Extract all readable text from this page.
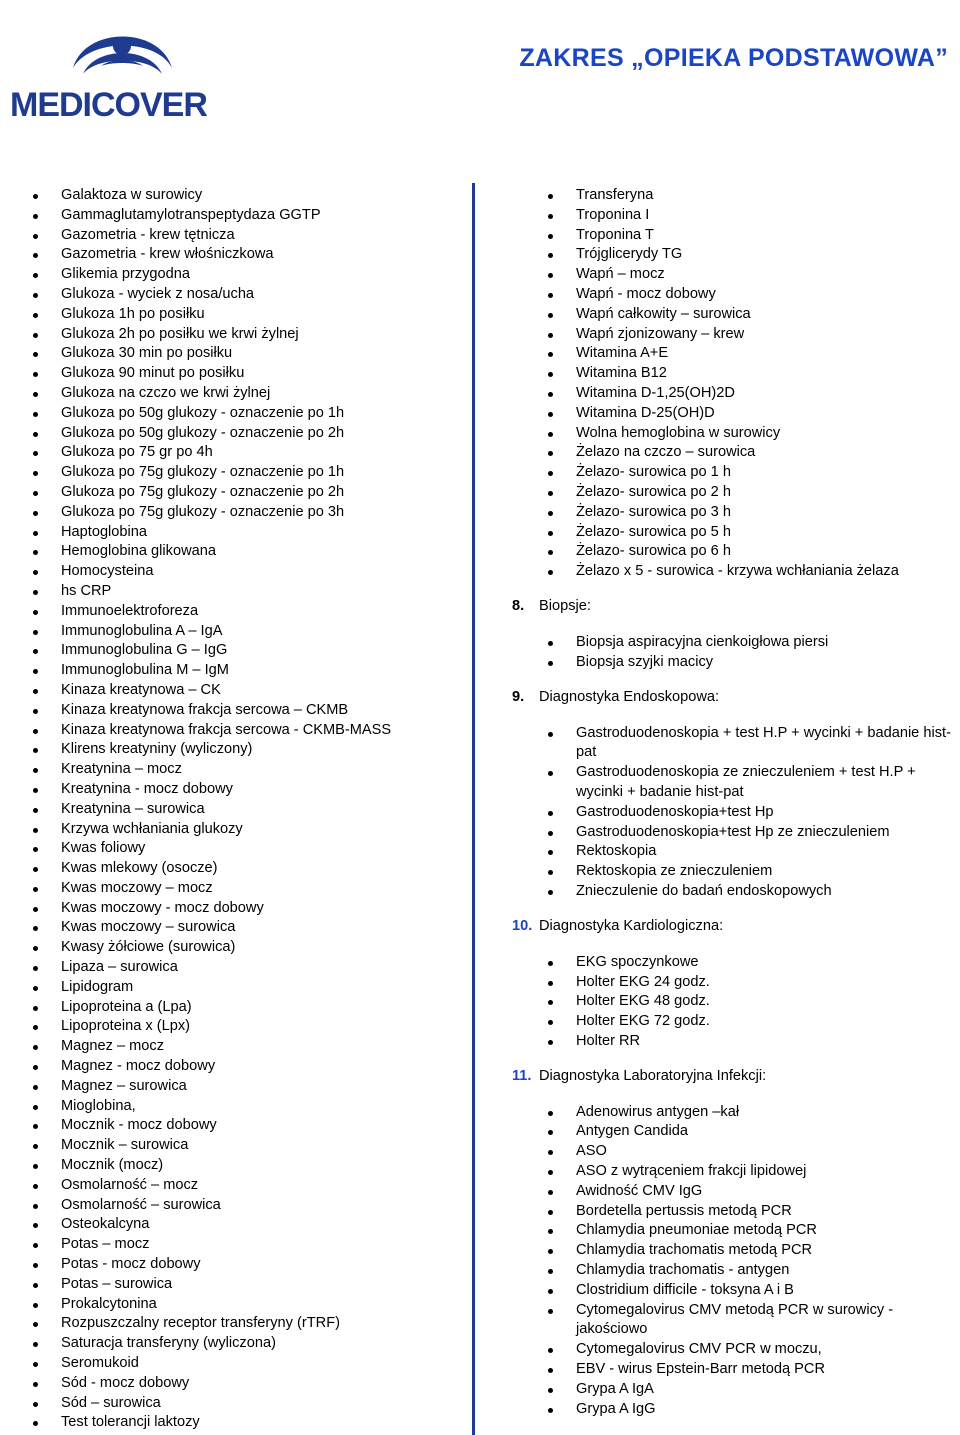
MEDICOVER
ZAKRES „OPIEKA PODSTAWOWA”
Galaktoza w surowicy
Gammaglutamylotranspeptydaza GGTP
Gazometria - krew tętnicza
Gazometria - krew włośniczkowa
Glikemia przygodna
Glukoza - wyciek z nosa/ucha
Glukoza 1h po posiłku
Glukoza 2h po posiłku we krwi żylnej
Glukoza 30 min po posiłku
Glukoza 90 minut po posiłku
Glukoza na czczo we krwi żylnej
Glukoza po 50g glukozy - oznaczenie po 1h
Glukoza po 50g glukozy - oznaczenie po 2h
Glukoza po 75 gr po 4h
Glukoza po 75g glukozy - oznaczenie po 1h
Glukoza po 75g glukozy - oznaczenie po 2h
Glukoza po 75g glukozy - oznaczenie po 3h
Haptoglobina
Hemoglobina glikowana
Homocysteina
hs CRP
Immunoelektroforeza
Immunoglobulina A – IgA
Immunoglobulina G – IgG
Immunoglobulina M – IgM
Kinaza kreatynowa – CK
Kinaza kreatynowa frakcja sercowa – CKMB
Kinaza kreatynowa frakcja sercowa - CKMB-MASS
Klirens kreatyniny (wyliczony)
Kreatynina – mocz
Kreatynina - mocz dobowy
Kreatynina – surowica
Krzywa wchłaniania glukozy
Kwas foliowy
Kwas mlekowy (osocze)
Kwas moczowy – mocz
Kwas moczowy - mocz dobowy
Kwas moczowy – surowica
Kwasy żółciowe (surowica)
Lipaza – surowica
Lipidogram
Lipoproteina a (Lpa)
Lipoproteina x (Lpx)
Magnez – mocz
Magnez - mocz dobowy
Magnez – surowica
Mioglobina,
Mocznik - mocz dobowy
Mocznik – surowica
Mocznik (mocz)
Osmolarność – mocz
Osmolarność – surowica
Osteokalcyna
Potas – mocz
Potas - mocz dobowy
Potas – surowica
Prokalcytonina
Rozpuszczalny receptor transferyny (rTRF)
Saturacja transferyny (wyliczona)
Seromukoid
Sód - mocz dobowy
Sód – surowica
Test tolerancji laktozy
Transferyna
Troponina I
Troponina T
Trójglicerydy TG
Wapń – mocz
Wapń - mocz dobowy
Wapń całkowity – surowica
Wapń zjonizowany – krew
Witamina A+E
Witamina B12
Witamina D-1,25(OH)2D
Witamina D-25(OH)D
Wolna hemoglobina w surowicy
Żelazo na czczo – surowica
Żelazo- surowica po 1 h
Żelazo- surowica po 2 h
Żelazo- surowica po 3 h
Żelazo- surowica po 5 h
Żelazo- surowica po 6 h
Żelazo x 5 - surowica - krzywa wchłaniania żelaza
8. Biopsje:
Biopsja aspiracyjna cienkoigłowa piersi
Biopsja szyjki macicy
9. Diagnostyka Endoskopowa:
Gastroduodenoskopia + test H.P + wycinki + badanie hist-pat
Gastroduodenoskopia ze znieczuleniem + test H.P + wycinki + badanie hist-pat
Gastroduodenoskopia+test Hp
Gastroduodenoskopia+test Hp ze znieczuleniem
Rektoskopia
Rektoskopia ze znieczuleniem
Znieczulenie do badań endoskopowych
10. Diagnostyka Kardiologiczna:
EKG spoczynkowe
Holter EKG 24 godz.
Holter EKG 48 godz.
Holter EKG 72 godz.
Holter RR
11. Diagnostyka Laboratoryjna Infekcji:
Adenowirus antygen –kał
Antygen Candida
ASO
ASO z wytrąceniem frakcji lipidowej
Awidność CMV IgG
Bordetella pertussis metodą PCR
Chlamydia pneumoniae metodą PCR
Chlamydia trachomatis metodą PCR
Chlamydia trachomatis - antygen
Clostridium difficile - toksyna A i B
Cytomegalovirus CMV metodą PCR w surowicy - jakościowo
Cytomegalovirus CMV PCR w moczu,
EBV - wirus Epstein-Barr metodą PCR
Grypa A IgA
Grypa A IgG
